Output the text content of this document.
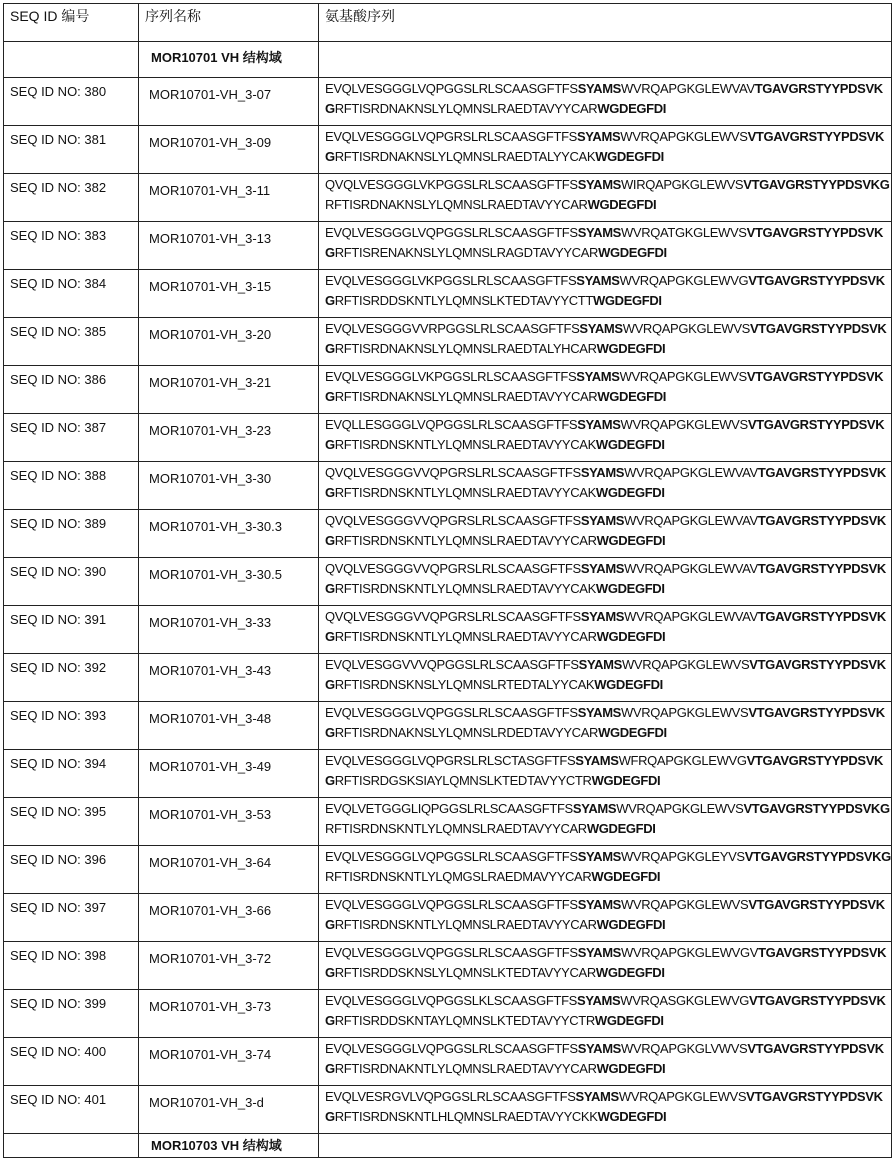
SEQ ID 编号	序列名称	氨基酸序列
	MOR10701 VH 结构域	
SEQ ID NO: 380	MOR10701-VH_3-07	EVQLVESGGGLVQPGGSLRLSCAASGFTFSSYAMSWVRQAPGKGLEWVAVTGAVGRSTYYPDSVKGRFTISRDNAKNSLYLQMNSLRAEDTAVYYCARWGDEGFDI
SEQ ID NO: 381	MOR10701-VH_3-09	EVQLVESGGGLVQPGRSLRLSCAASGFTFSSYAMSWVRQAPGKGLEWVSVTGAVGRSTYYPDSVKGRFTISRDNAKNSLYLQMNSLRAEDTALYYCAKWGDEGFDI
SEQ ID NO: 382	MOR10701-VH_3-11	QVQLVESGGGLVKPGGSLRLSCAASGFTFSSYAMSWIRQAPGKGLEWVSVTGAVGRSTYYPDSVKGRFTISRDNAKNSLYLQMNSLRAEDTAVYYCARWGDEGFDI
SEQ ID NO: 383	MOR10701-VH_3-13	EVQLVESGGGLVQPGGSLRLSCAASGFTFSSYAMSWVRQATGKGLEWVSVTGAVGRSTYYPDSVKGRFTISRENAKNSLYLQMNSLRAGDTAVYYCARWGDEGFDI
SEQ ID NO: 384	MOR10701-VH_3-15	EVQLVESGGGLVKPGGSLRLSCAASGFTFSSYAMSWVRQAPGKGLEWVGVTGAVGRSTYYPDSVKGRFTISRDDSKNTLYLQMNSLKTEDTAVYYCTTWGDEGFDI
SEQ ID NO: 385	MOR10701-VH_3-20	EVQLVESGGGVVRPGGSLRLSCAASGFTFSSYAMSWVRQAPGKGLEWVSVTGAVGRSTYYPDSVKGRFTISRDNAKNSLYLQMNSLRAEDTALYHCARWGDEGFDI
SEQ ID NO: 386	MOR10701-VH_3-21	EVQLVESGGGLVKPGGSLRLSCAASGFTFSSYAMSWVRQAPGKGLEWVSVTGAVGRSTYYPDSVKGRFTISRDNAKNSLYLQMNSLRAEDTAVYYCARWGDEGFDI
SEQ ID NO: 387	MOR10701-VH_3-23	EVQLLESGGGLVQPGGSLRLSCAASGFTFSSYAMSWVRQAPGKGLEWVSVTGAVGRSTYYPDSVKGRFTISRDNSKNTLYLQMNSLRAEDTAVYYCAKWGDEGFDI
SEQ ID NO: 388	MOR10701-VH_3-30	QVQLVESGGGVVQPGRSLRLSCAASGFTFSSYAMSWVRQAPGKGLEWVAVTGAVGRSTYYPDSVKGRFTISRDNSKNTLYLQMNSLRAEDTAVYYCAKWGDEGFDI
SEQ ID NO: 389	MOR10701-VH_3-30.3	QVQLVESGGGVVQPGRSLRLSCAASGFTFSSYAMSWVRQAPGKGLEWVAVTGAVGRSTYYPDSVKGRFTISRDNSKNTLYLQMNSLRAEDTAVYYCARWGDEGFDI
SEQ ID NO: 390	MOR10701-VH_3-30.5	QVQLVESGGGVVQPGRSLRLSCAASGFTFSSYAMSWVRQAPGKGLEWVAVTGAVGRSTYYPDSVKGRFTISRDNSKNTLYLQMNSLRAEDTAVYYCAKWGDEGFDI
SEQ ID NO: 391	MOR10701-VH_3-33	QVQLVESGGGVVQPGRSLRLSCAASGFTFSSYAMSWVRQAPGKGLEWVAVTGAVGRSTYYPDSVKGRFTISRDNSKNTLYLQMNSLRAEDTAVYYCARWGDEGFDI
SEQ ID NO: 392	MOR10701-VH_3-43	EVQLVESGGVVVQPGGSLRLSCAASGFTFSSYAMSWVRQAPGKGLEWVSVTGAVGRSTYYPDSVKGRFTISRDNSKNSLYLQMNSLRTEDTALYYCAKWGDEGFDI
SEQ ID NO: 393	MOR10701-VH_3-48	EVQLVESGGGLVQPGGSLRLSCAASGFTFSSYAMSWVRQAPGKGLEWVSVTGAVGRSTYYPDSVKGRFTISRDNAKNSLYLQMNSLRDEDTAVYYCARWGDEGFDI
SEQ ID NO: 394	MOR10701-VH_3-49	EVQLVESGGGLVQPGRSLRLSCTASGFTFSSYAMSWFRQAPGKGLEWVGVTGAVGRSTYYPDSVKGRFTISRDGSKSIAYLQMNSLKTEDTAVYYCTRWGDEGFDI
SEQ ID NO: 395	MOR10701-VH_3-53	EVQLVETGGGLIQPGGSLRLSCAASGFTFSSYAMSWVRQAPGKGLEWVSVTGAVGRSTYYPDSVKGRFTISRDNSKNTLYLQMNSLRAEDTAVYYCARWGDEGFDI
SEQ ID NO: 396	MOR10701-VH_3-64	EVQLVESGGGLVQPGGSLRLSCAASGFTFSSYAMSWVRQAPGKGLEYVSVTGAVGRSTYYPDSVKGRFTISRDNSKNTLYLQMGSLRAEDMAVYYCARWGDEGFDI
SEQ ID NO: 397	MOR10701-VH_3-66	EVQLVESGGGLVQPGGSLRLSCAASGFTFSSYAMSWVRQAPGKGLEWVSVTGAVGRSTYYPDSVKGRFTISRDNSKNTLYLQMNSLRAEDTAVYYCARWGDEGFDI
SEQ ID NO: 398	MOR10701-VH_3-72	EVQLVESGGGLVQPGGSLRLSCAASGFTFSSYAMSWVRQAPGKGLEWVGVTGAVGRSTYYPDSVKGRFTISRDDSKNSLYLQMNSLKTEDTAVYYCARWGDEGFDI
SEQ ID NO: 399	MOR10701-VH_3-73	EVQLVESGGGLVQPGGSLKLSCAASGFTFSSYAMSWVRQASGKGLEWVGVTGAVGRSTYYPDSVKGRFTISRDDSKNTAYLQMNSLKTEDTAVYYCTRWGDEGFDI
SEQ ID NO: 400	MOR10701-VH_3-74	EVQLVESGGGLVQPGGSLRLSCAASGFTFSSYAMSWVRQAPGKGLVWVSVTGAVGRSTYYPDSVKGRFTISRDNAKNTLYLQMNSLRAEDTAVYYCARWGDEGFDI
SEQ ID NO: 401	MOR10701-VH_3-d	EVQLVESRGVLVQPGGSLRLSCAASGFTFSSYAMSWVRQAPGKGLEWVSVTGAVGRSTYYPDSVKGRFTISRDNSKNTLHLQMNSLRAEDTAVYYCKKWGDEGFDI
	MOR10703 VH 结构域	
